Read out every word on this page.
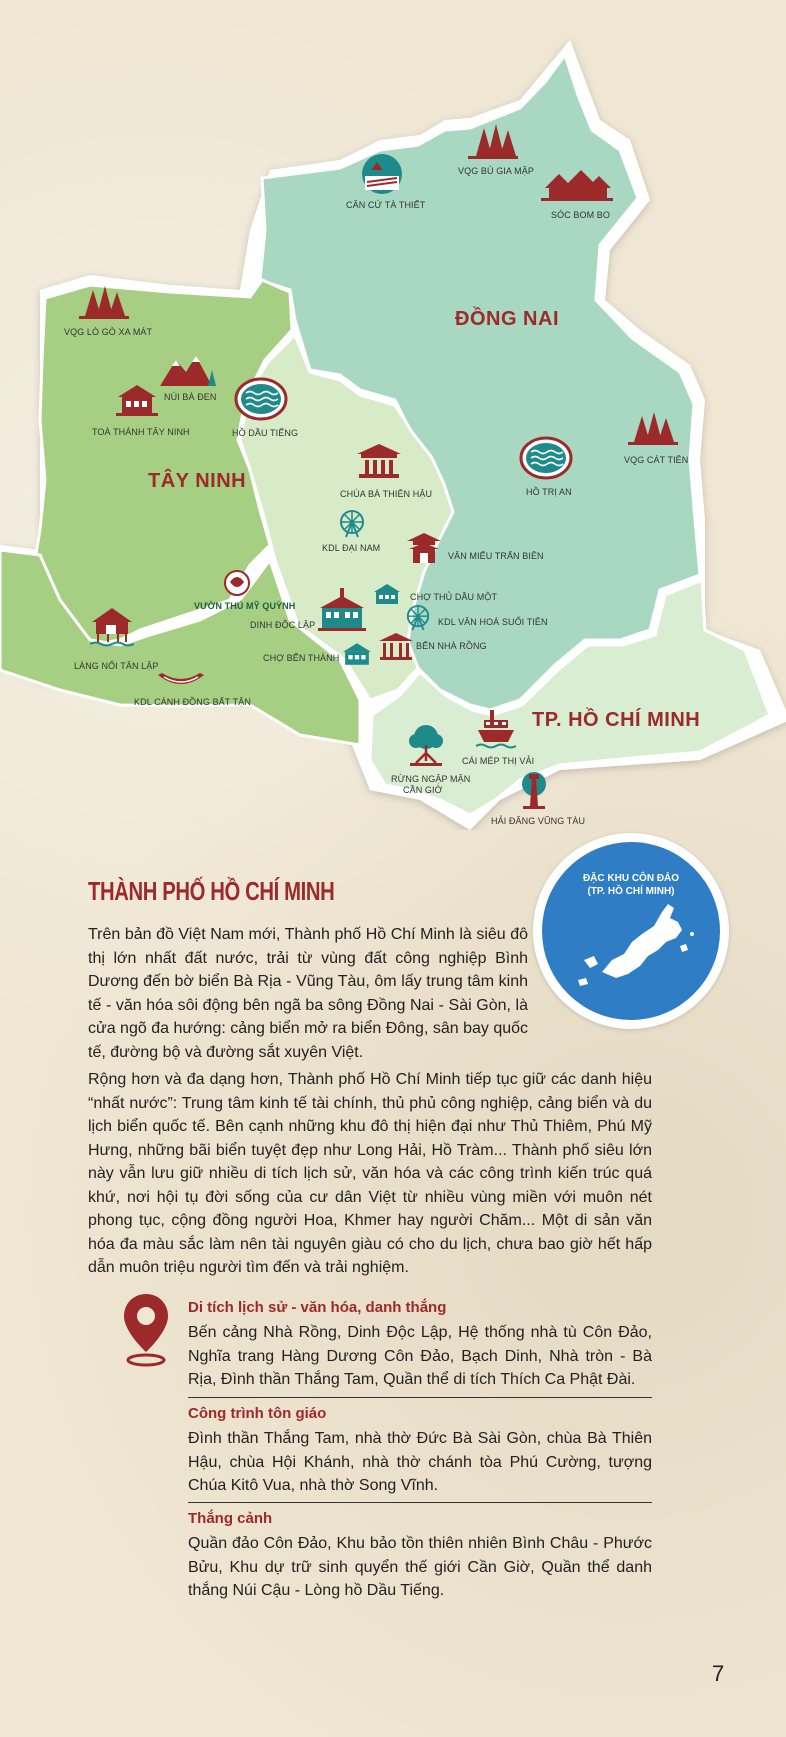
ĐỒNG NAI
TÂY NINH
TP. HỒ CHÍ MINH
CĂN CỨ TÀ THIẾT
VQG BÙ GIA MẬP
SÓC BOM BO
VQG LÒ GÒ XA MÁT
NÚI BÀ ĐEN
TOÀ THÁNH TÂY NINH	HỒ DẦU TIẾNG
VQG CÁT TIÊN
CHÙA BÀ THIÊN HẬU	HỒ TRỊ AN
KDL ĐẠI NAM
VĂN MIẾU TRẤN BIÊN
VƯỜN THÚ MỸ QUỲNH
CHỢ THỦ DẦU MỘT
DINH ĐỘC LẬP	KDL VĂN HOÁ SUỐI TIÊN
BẾN NHÀ RỒNG
CHỢ BẾN THÀNH
LÀNG NỔI TÂN LẬP
KDL CÁNH ĐỒNG BẤT TẬN
CÁI MÉP THỊ VẢI
RỪNG NGẬP MẶN
CẦN GIỜ
HẢI ĐĂNG VŨNG TÀU
ĐẶC KHU CÔN ĐẢO
(TP. HỒ CHÍ MINH)
THÀNH PHỐ HỒ CHÍ MINH
Trên bản đồ Việt Nam mới, Thành phố Hồ Chí Minh là siêu đô thị lớn nhất đất nước, trải từ vùng đất công nghiệp Bình Dương đến bờ biển Bà Rịa - Vũng Tàu, ôm lấy trung tâm kinh tế - văn hóa sôi động bên ngã ba sông Đồng Nai - Sài Gòn, là cửa ngõ đa hướng: cảng biển mở ra biển Đông, sân bay quốc tế, đường bộ và đường sắt xuyên Việt.
Rộng hơn và đa dạng hơn, Thành phố Hồ Chí Minh tiếp tục giữ các danh hiệu “nhất nước”: Trung tâm kinh tế tài chính, thủ phủ công nghiệp, cảng biển và du lịch biển quốc tế. Bên cạnh những khu đô thị hiện đại như Thủ Thiêm, Phú Mỹ Hưng, những bãi biển tuyệt đẹp như Long Hải, Hồ Tràm... Thành phố siêu lớn này vẫn lưu giữ nhiều di tích lịch sử, văn hóa và các công trình kiến trúc quá khứ, nơi hội tụ đời sống của cư dân Việt từ nhiều vùng miền với muôn nét phong tục, cộng đồng người Hoa, Khmer hay người Chăm... Một di sản văn hóa đa màu sắc làm nên tài nguyên giàu có cho du lịch, chưa bao giờ hết hấp dẫn muôn triệu người tìm đến và trải nghiệm.
Di tích lịch sử - văn hóa, danh thắng
Bến cảng Nhà Rồng, Dinh Độc Lập, Hệ thống nhà tù Côn Đảo, Nghĩa trang Hàng Dương Côn Đảo, Bạch Dinh, Nhà tròn - Bà Rịa, Đình thần Thắng Tam, Quần thể di tích Thích Ca Phật Đài.
Công trình tôn giáo
Đình thần Thắng Tam, nhà thờ Đức Bà Sài Gòn, chùa Bà Thiên Hậu, chùa Hội Khánh, nhà thờ chánh tòa Phú Cường, tượng Chúa Kitô Vua, nhà thờ Song Vĩnh.
Thắng cảnh
Quần đảo Côn Đảo, Khu bảo tồn thiên nhiên Bình Châu - Phước Bửu, Khu dự trữ sinh quyển thế giới Cần Giờ, Quần thể danh thắng Núi Cậu - Lòng hồ Dầu Tiếng.
7
